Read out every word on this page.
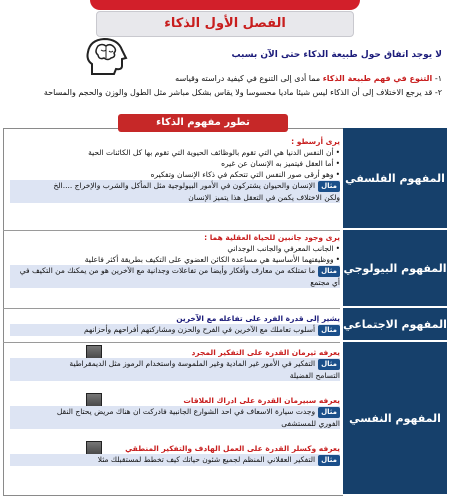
الفصل الأول الذكاء
لا يوجد اتفاق حول طبيعة الذكاء حتى الآن بسبب
١- التنوع في فهم طبيعة الذكاء مما أدى إلى التنوع في كيفية دراسته وقياسه
٢- قد يرجع الاختلاف إلى أن الذكاء ليس شيئا ماديا محسوسا ولا يقاس بشكل مباشر مثل الطول والوزن والحجم والمساحة
تطور مفهوم الذكاء
المفهوم الفلسفي
المفهوم البيولوجي
المفهوم الاجتماعي
المفهوم النفسي
يرى أرسطو :
•أن النفس الدنيا هي التي تقوم بالوظائف الحيوية التي تقوم بها كل الكائنات الحية
•أما العقل فيتميز به الإنسان عن غيره
•وهو أرقى صور النفس التي تتحكم في ذكاء الإنسان وتفكيره
مثالالإنسان والحيوان يشتركون في الأمور البيولوجية مثل المأكل والشرب والإخراج ....الخ
ولكن الاختلاف يكمن في التعقل هذا يتميز الإنسان
يرى وجود جانبين للحياة العقلية هما :
•الجانب المعرفي والجانب الوجداني
•ووظيفتهما الأساسية هي مساعدة الكائن العضوي على التكيف بطريقة أكثر فاعلية
مثالما تمتلكه من معارف وأفكار وأيضا من تفاعلات وجدانية مع الآخرين هو من يمكنك من التكيف في أي مجتمع
يشير إلى قدرة الفرد على تفاعله مع الآخرين
مثالأسلوب تعاملك مع الآخرين في الفرح والحزن ومشاركتهم أفراحهم وأحزانهم
يعرفه ثيرمان القدرة على التفكير المجرد
مثالالتفكير في الأمور غير المادية وغير الملموسة واستخدام الرموز مثل الديمقراطية
التسامح الفضيلة
يعرفه سبيرمان القدرة على ادراك العلاقات
مثالوجدت سيارة الاسعاف في احد الشوارع الجانبية فادركت ان هناك مريض يحتاج النقل
الفوري للمستشفى
يعرفه وكسلر القدرة على العمل الهادف والتفكير المنطقي
مثالالتفكير العقلاني المنظم لجميع شئون حياتك كيف تخطط لمستقبلك مثلا
